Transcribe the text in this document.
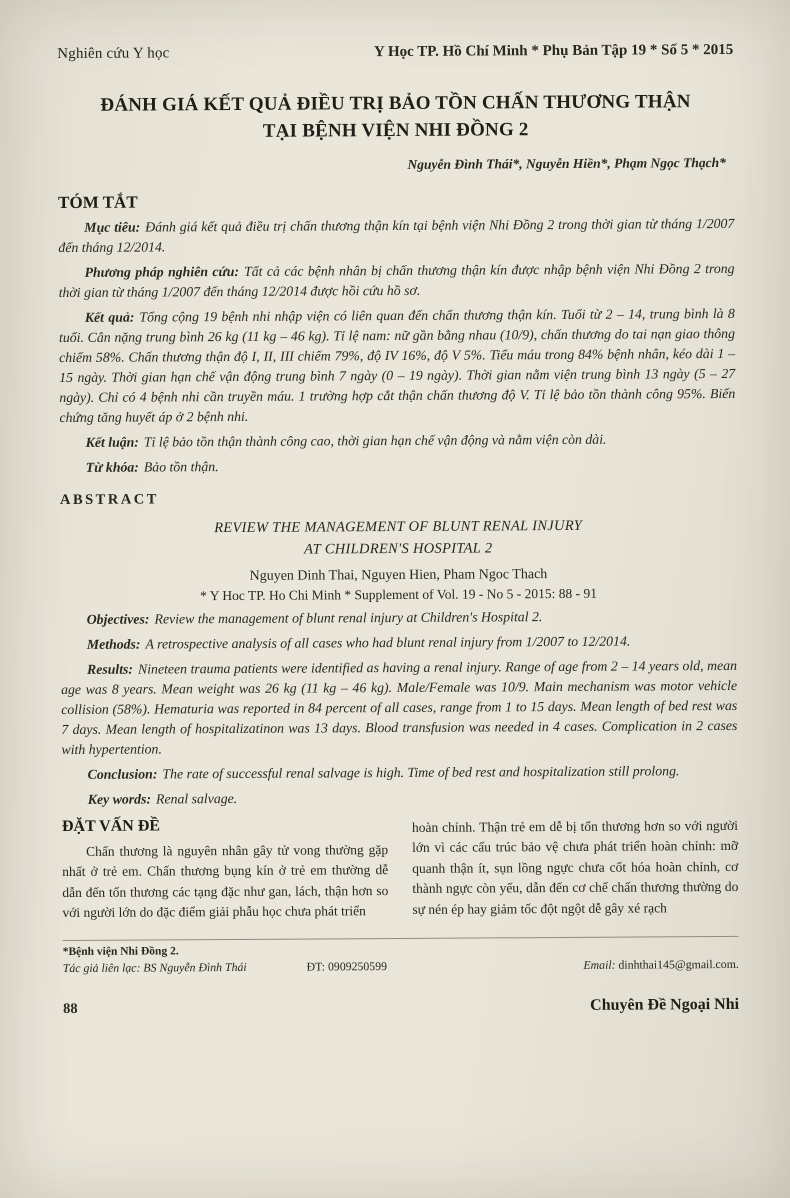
Nghiên cứu Y học	Y Học TP. Hồ Chí Minh * Phụ Bản Tập 19 * Số 5 * 2015
ĐÁNH GIÁ KẾT QUẢ ĐIỀU TRỊ BẢO TỒN CHẤN THƯƠNG THẬN
TẠI BỆNH VIỆN NHI ĐỒNG 2
Nguyễn Đình Thái*, Nguyễn Hiền*, Phạm Ngọc Thạch*
TÓM TẮT

Mục tiêu: Đánh giá kết quả điều trị chấn thương thận kín tại bệnh viện Nhi Đồng 2 trong thời gian từ tháng 1/2007 đến tháng 12/2014.

Phương pháp nghiên cứu: Tất cả các bệnh nhân bị chấn thương thận kín được nhập bệnh viện Nhi Đồng 2 trong thời gian từ tháng 1/2007 đến tháng 12/2014 được hồi cứu hồ sơ.

Kết quả: Tổng cộng 19 bệnh nhi nhập viện có liên quan đến chấn thương thận kín. Tuổi từ 2 – 14, trung bình là 8 tuổi. Cân nặng trung bình 26 kg (11 kg – 46 kg). Tỉ lệ nam: nữ gần bằng nhau (10/9), chấn thương do tai nạn giao thông chiếm 58%. Chấn thương thận độ I, II, III chiếm 79%, độ IV 16%, độ V 5%. Tiểu máu trong 84% bệnh nhân, kéo dài 1 – 15 ngày. Thời gian hạn chế vận động trung bình 7 ngày (0 – 19 ngày). Thời gian nằm viện trung bình 13 ngày (5 – 27 ngày). Chỉ có 4 bệnh nhi cần truyền máu. 1 trường hợp cắt thận chấn thương độ V. Tỉ lệ bảo tồn thành công 95%. Biến chứng tăng huyết áp ở 2 bệnh nhi.

Kết luận: Tỉ lệ bảo tồn thận thành công cao, thời gian hạn chế vận động và nằm viện còn dài.

Từ khóa: Bảo tồn thận.

ABSTRACT
REVIEW THE MANAGEMENT OF BLUNT RENAL INJURY
AT CHILDREN'S HOSPITAL 2
Nguyen Dinh Thai, Nguyen Hien, Pham Ngoc Thach
* Y Hoc TP. Ho Chi Minh * Supplement of Vol. 19 - No 5 - 2015: 88 - 91

Objectives: Review the management of blunt renal injury at Children's Hospital 2.

Methods: A retrospective analysis of all cases who had blunt renal injury from 1/2007 to 12/2014.

Results: Nineteen trauma patients were identified as having a renal injury. Range of age from 2 – 14 years old, mean age was 8 years. Mean weight was 26 kg (11 kg – 46 kg). Male/Female was 10/9. Main mechanism was motor vehicle collision (58%). Hematuria was reported in 84 percent of all cases, range from 1 to 15 days. Mean length of bed rest was 7 days. Mean length of hospitalizatinon was 13 days. Blood transfusion was needed in 4 cases. Complication in 2 cases with hypertention.

Conclusion: The rate of successful renal salvage is high. Time of bed rest and hospitalization still prolong.

Key words: Renal salvage.

ĐẶT VẤN ĐỀ

Chấn thương là nguyên nhân gây tử vong thường gặp nhất ở trẻ em. Chấn thương bụng kín ở trẻ em thường dễ dẫn đến tổn thương các tạng đặc như gan, lách, thận hơn so với người lớn do đặc điểm giải phẫu học chưa phát triển

hoàn chỉnh. Thận trẻ em dễ bị tổn thương hơn so với người lớn vì các cấu trúc bảo vệ chưa phát triển hoàn chỉnh: mỡ quanh thận ít, sụn lồng ngực chưa cốt hóa hoàn chỉnh, cơ thành ngực còn yếu, dẫn đến cơ chế chấn thương thường do sự nén ép hay giảm tốc đột ngột dễ gây xé rạch

*Bệnh viện Nhi Đồng 2.
Tác giả liên lạc: BS Nguyễn Đình Thái	ĐT: 0909250599	Email: dinhthai145@gmail.com.
88	Chuyên Đề Ngoại Nhi
